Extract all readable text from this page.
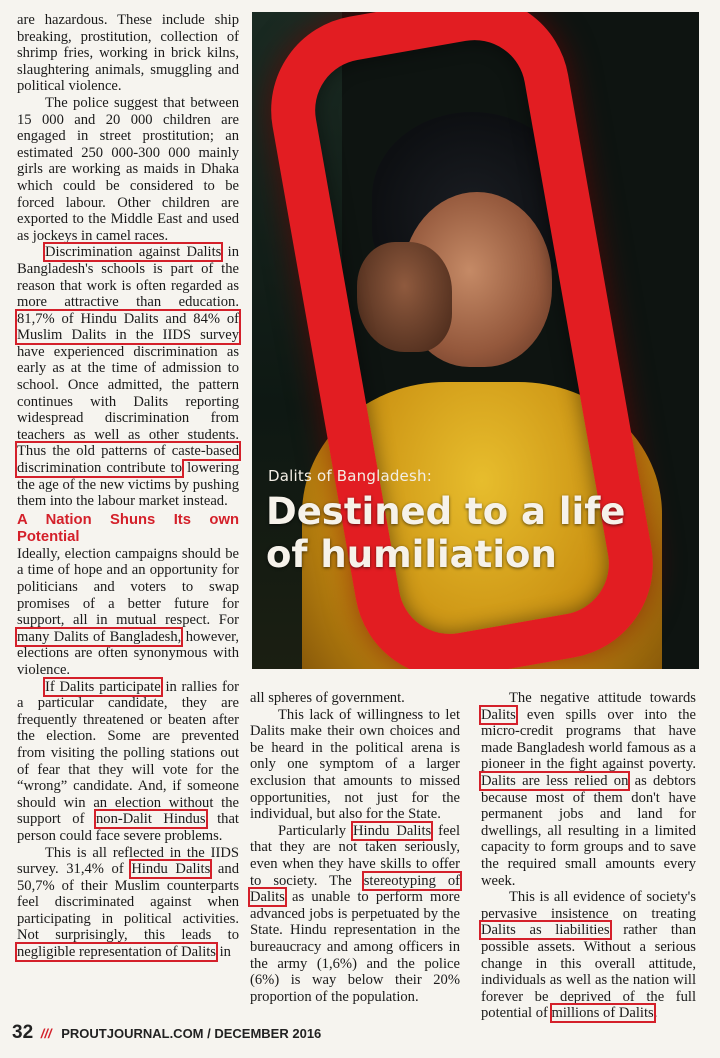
are hazardous. These include ship breaking, prostitution, collection of shrimp fries, working in brick kilns, slaughtering animals, smuggling and political violence.

The police suggest that between 15 000 and 20 000 children are engaged in street prostitution; an estimated 250 000-300 000 mainly girls are working as maids in Dhaka which could be considered to be forced labour. Other children are exported to the Middle East and used as jockeys in camel races.

Discrimination against Dalits in Bangladesh's schools is part of the reason that work is often regarded as more attractive than education. 81,7% of Hindu Dalits and 84% of Muslim Dalits in the IIDS survey have experienced discrimination as early as at the time of admission to school. Once admitted, the pattern continues with Dalits reporting widespread discrimination from teachers as well as other students. Thus the old patterns of caste-based discrimination contribute to lowering the age of the new victims by pushing them into the labour market instead.

A Nation Shuns Its own Potential

Ideally, election campaigns should be a time of hope and an opportunity for politicians and voters to swap promises of a better future for support, all in mutual respect. For many Dalits of Bangladesh, however, elections are often synonymous with violence.

If Dalits participate in rallies for a particular candidate, they are frequently threatened or beaten after the election. Some are prevented from visiting the polling stations out of fear that they will vote for the “wrong” candidate. And, if someone should win an election without the support of non-Dalit Hindus that person could face severe problems.

This is all reflected in the IIDS survey. 31,4% of Hindu Dalits and 50,7% of their Muslim counterparts feel discriminated against when participating in political activities. Not surprisingly, this leads to negligible representation of Dalits in

Dalits of Bangladesh:
Destined to a life
of humiliation

all spheres of government.

This lack of willingness to let Dalits make their own choices and be heard in the political arena is only one symptom of a larger exclusion that amounts to missed opportunities, not just for the individual, but also for the State.

Particularly Hindu Dalits feel that they are not taken seriously, even when they have skills to offer to society. The stereotyping of Dalits as unable to perform more advanced jobs is perpetuated by the State. Hindu representation in the bureaucracy and among officers in the army (1,6%) and the police (6%) is way below their 20% proportion of the population.

The negative attitude towards Dalits even spills over into the micro-credit programs that have made Bangladesh world famous as a pioneer in the fight against poverty. Dalits are less relied on as debtors because most of them don't have permanent jobs and land for dwellings, all resulting in a limited capacity to form groups and to save the required small amounts every week.

This is all evidence of society's pervasive insistence on treating Dalits as liabilities rather than possible assets. Without a serious change in this overall attitude, individuals as well as the nation will forever be deprived of the full potential of millions of Dalits.

32 /// PROUTJOURNAL.COM / DECEMBER 2016
